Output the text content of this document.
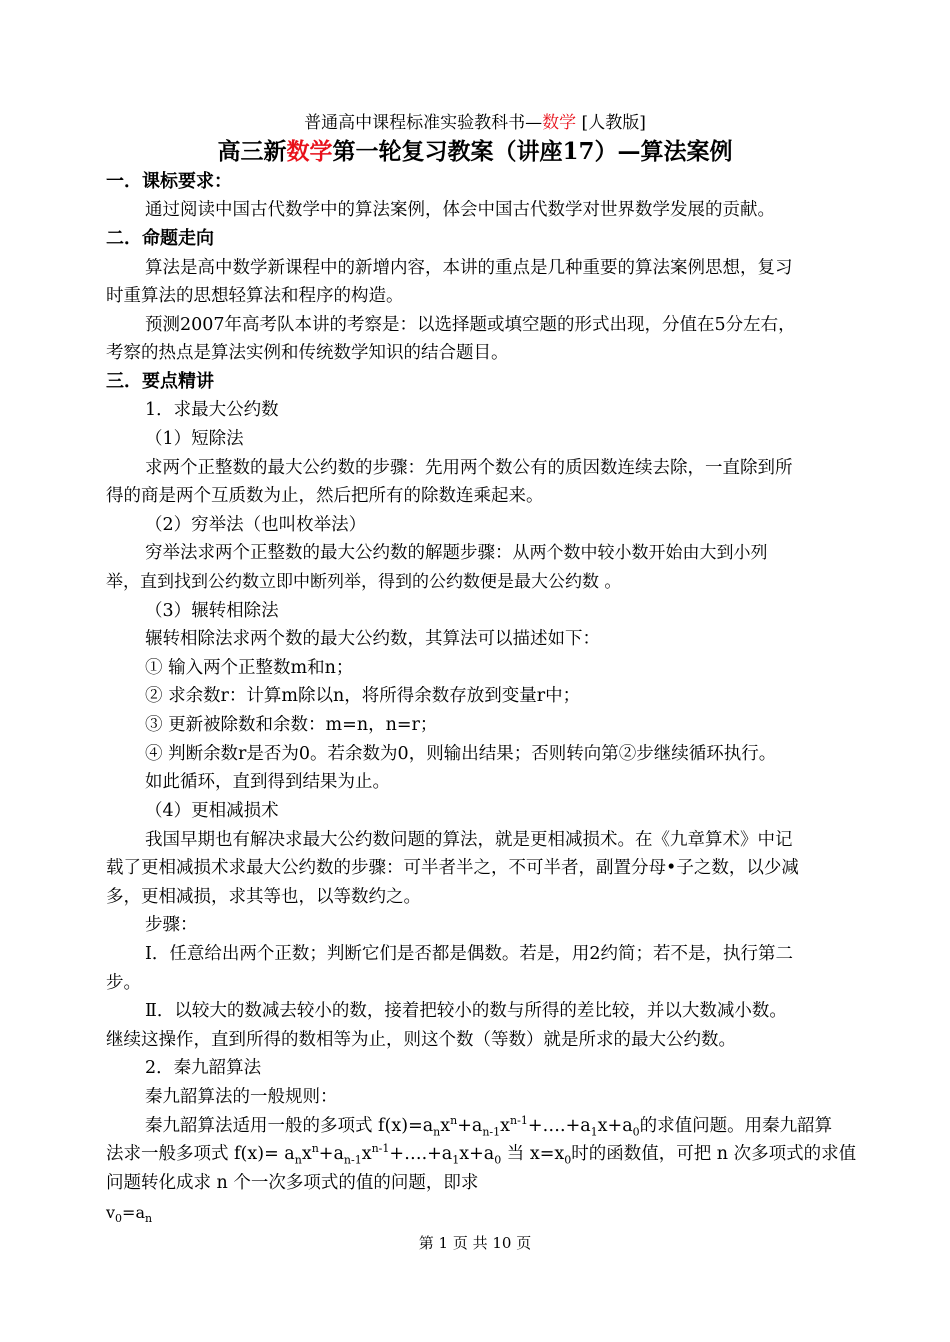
普通高中课程标准实验教科书—数学 [人教版]
高三新数学第一轮复习教案（讲座17）—算法案例
一．课标要求：
通过阅读中国古代数学中的算法案例，体会中国古代数学对世界数学发展的贡献。
二．命题走向
算法是高中数学新课程中的新增内容，本讲的重点是几种重要的算法案例思想，复习
时重算法的思想轻算法和程序的构造。
预测2007年高考队本讲的考察是：以选择题或填空题的形式出现，分值在5分左右，
考察的热点是算法实例和传统数学知识的结合题目。
三．要点精讲
1．求最大公约数
（1）短除法
求两个正整数的最大公约数的步骤：先用两个数公有的质因数连续去除，一直除到所
得的商是两个互质数为止，然后把所有的除数连乘起来。
（2）穷举法（也叫枚举法）
穷举法求两个正整数的最大公约数的解题步骤：从两个数中较小数开始由大到小列
举，直到找到公约数立即中断列举，得到的公约数便是最大公约数 。
（3）辗转相除法
辗转相除法求两个数的最大公约数，其算法可以描述如下：
① 输入两个正整数m和n；
② 求余数r：计算m除以n，将所得余数存放到变量r中；
③ 更新被除数和余数：m=n，n=r；
④ 判断余数r是否为0。若余数为0，则输出结果；否则转向第②步继续循环执行。
如此循环，直到得到结果为止。
（4）更相减损术
我国早期也有解决求最大公约数问题的算法，就是更相减损术。在《九章算术》中记
载了更相减损术求最大公约数的步骤：可半者半之，不可半者，副置分母•子之数，以少减
多，更相减损，求其等也，以等数约之。
步骤：
Ⅰ．任意给出两个正数；判断它们是否都是偶数。若是，用2约简；若不是，执行第二
步。
Ⅱ．以较大的数减去较小的数，接着把较小的数与所得的差比较，并以大数减小数。
继续这操作，直到所得的数相等为止，则这个数（等数）就是所求的最大公约数。
2．秦九韶算法
秦九韶算法的一般规则：
秦九韶算法适用一般的多项式 $f(x)=a_nx^n+a_{n-1}x^{n-1}+\dots.+a_1x+a_0$的求值问题。用秦九韶算
法求一般多项式 $f(x)= a_nx^n+a_{n-1}x^{n-1}+\dots.+a_1x+a_0$ 当 $x=x_0$时的函数值，可把 n 次多项式的求值
问题转化成求 n 个一次多项式的值的问题，即求
$v_0=a_n$
第 1 页 共 10 页
